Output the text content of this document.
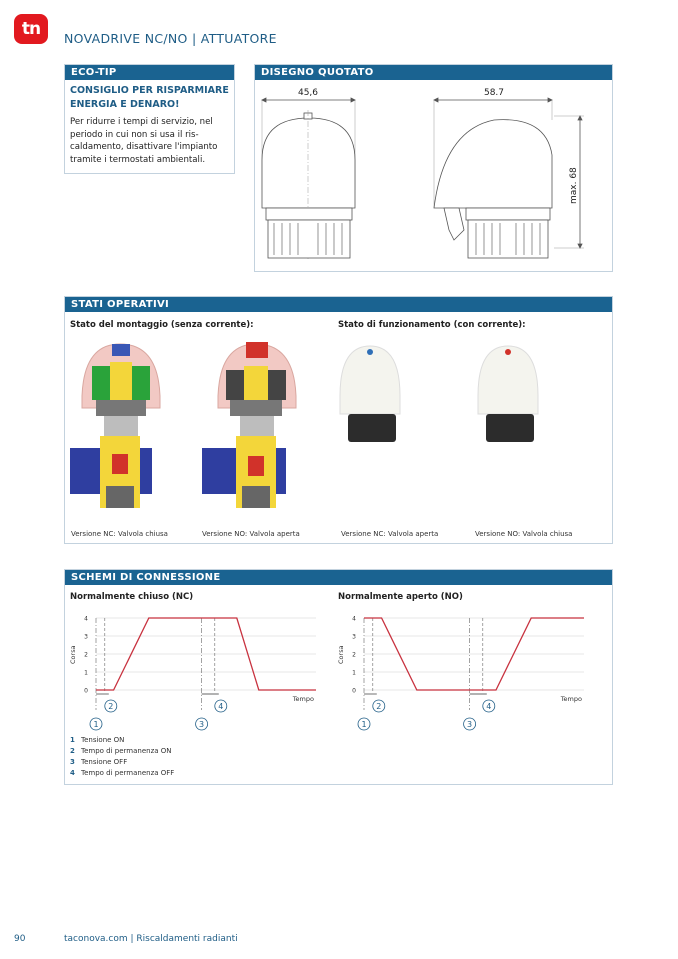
tn	NOVADRIVE NC/NO | ATTUATORE
ECO-TIP
CONSIGLIO PER RISPARMIARE
ENERGIA E DENARO!
Per ridurre i tempi di servizio, nel
periodo in cui non si usa il ris-
caldamento, disattivare l'impianto
tramite i termostati ambientali.
DISEGNO QUOTATO
45,6	58.7
max. 68
STATI OPERATIVI
Stato del montaggio (senza corrente):	Stato di funzionamento (con corrente):
Versione NC: Valvola chiusa	Versione NO: Valvola aperta	Versione NC: Valvola aperta	Versione NO: Valvola chiusa
SCHEMI DI CONNESSIONE
Normalmente chiuso (NC)	Normalmente aperto (NO)
0
1
2
3
4
Corsa
Tempo
1
2
3
4
0
1
2
3
4
Corsa
Tempo
1
2
3
4
1 Tensione ON
2 Tempo di permanenza ON
3 Tensione OFF
4 Tempo di permanenza OFF
90	taconova.com | Riscaldamenti radianti
